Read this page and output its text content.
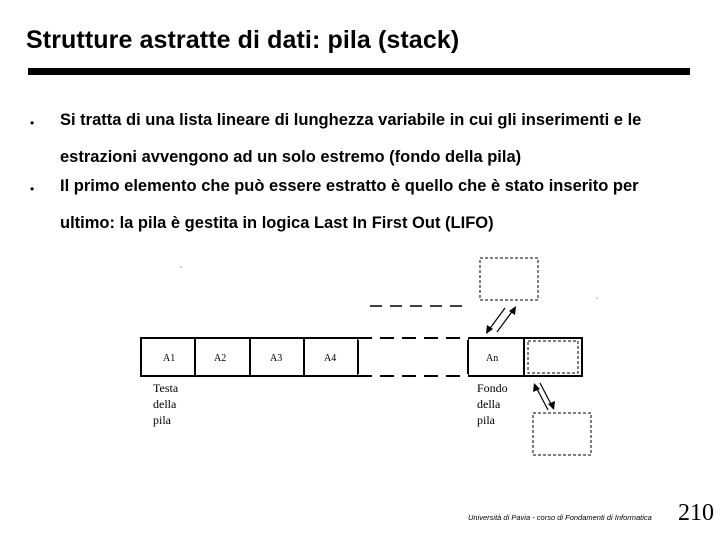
Strutture astratte di dati: pila (stack)
• Si tratta di una lista lineare di lunghezza variabile in cui gli inserimenti e le estrazioni avvengono ad un solo estremo (fondo della pila)
• Il primo elemento che può essere estratto è quello che è stato inserito per ultimo: la pila è gestita in logica Last In First Out (LIFO)
A1	A2	A3	A4	An
Testa
della
pila
Fondo
della
pila
Università di Pavia - corso di Fondamenti di Informatica 210
